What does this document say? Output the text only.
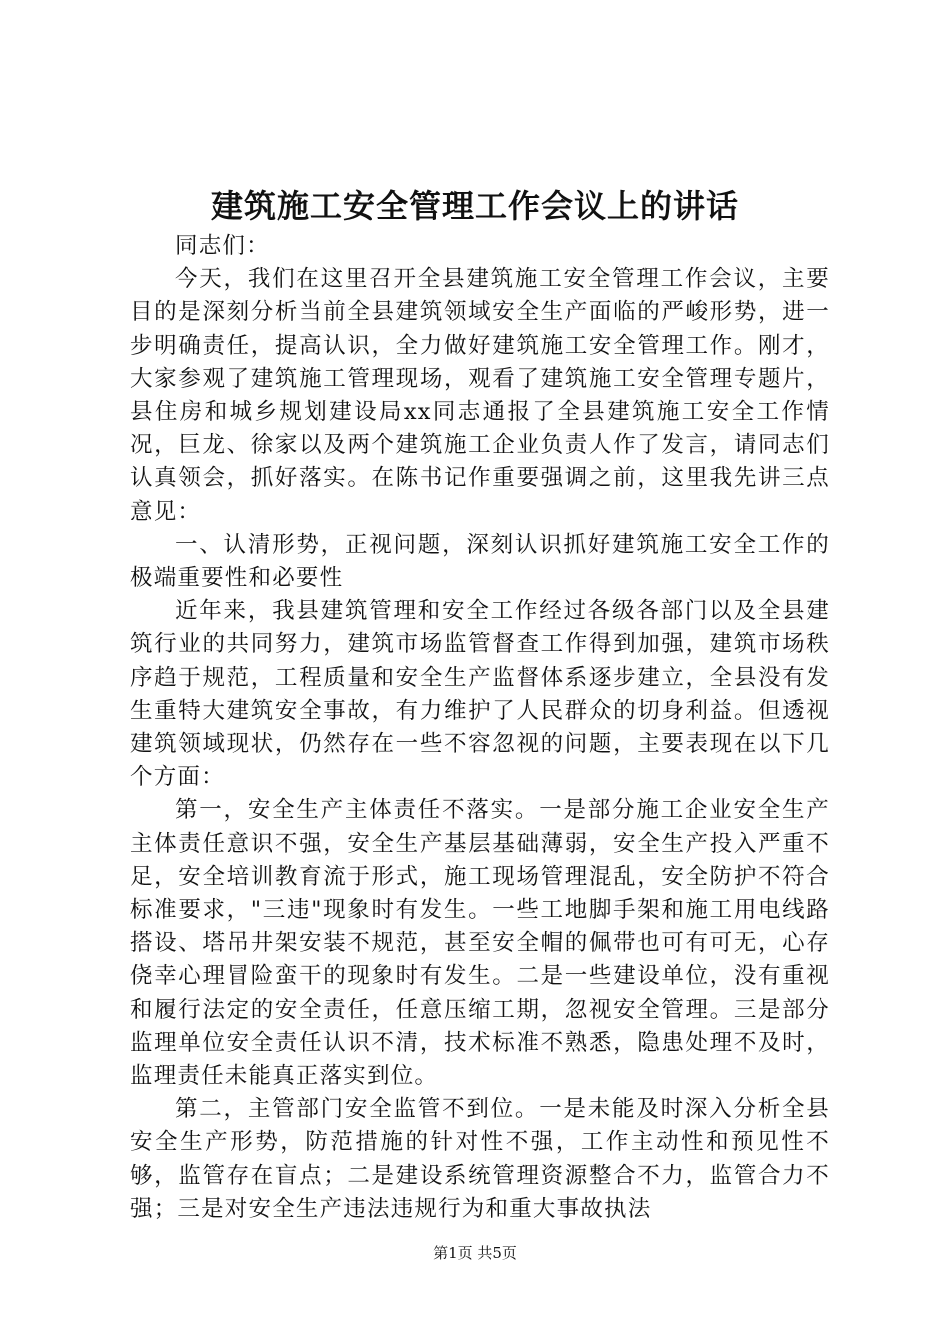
建筑施工安全管理工作会议上的讲话

同志们：

今天，我们在这里召开全县建筑施工安全管理工作会议，主要目的是深刻分析当前全县建筑领域安全生产面临的严峻形势，进一步明确责任，提高认识，全力做好建筑施工安全管理工作。刚才，大家参观了建筑施工管理现场，观看了建筑施工安全管理专题片，县住房和城乡规划建设局xx同志通报了全县建筑施工安全工作情况，巨龙、徐家以及两个建筑施工企业负责人作了发言，请同志们认真领会，抓好落实。在陈书记作重要强调之前，这里我先讲三点意见：

一、认清形势，正视问题，深刻认识抓好建筑施工安全工作的极端重要性和必要性

近年来，我县建筑管理和安全工作经过各级各部门以及全县建筑行业的共同努力，建筑市场监管督查工作得到加强，建筑市场秩序趋于规范，工程质量和安全生产监督体系逐步建立，全县没有发生重特大建筑安全事故，有力维护了人民群众的切身利益。但透视建筑领域现状，仍然存在一些不容忽视的问题，主要表现在以下几个方面：

第一，安全生产主体责任不落实。一是部分施工企业安全生产主体责任意识不强，安全生产基层基础薄弱，安全生产投入严重不足，安全培训教育流于形式，施工现场管理混乱，安全防护不符合标准要求，"三违"现象时有发生。一些工地脚手架和施工用电线路搭设、塔吊井架安装不规范，甚至安全帽的佩带也可有可无，心存侥幸心理冒险蛮干的现象时有发生。二是一些建设单位，没有重视和履行法定的安全责任，任意压缩工期，忽视安全管理。三是部分监理单位安全责任认识不清，技术标准不熟悉，隐患处理不及时，监理责任未能真正落实到位。

第二，主管部门安全监管不到位。一是未能及时深入分析全县安全生产形势，防范措施的针对性不强，工作主动性和预见性不够，监管存在盲点；二是建设系统管理资源整合不力，监管合力不强；三是对安全生产违法违规行为和重大事故执法

第1页 共5页
